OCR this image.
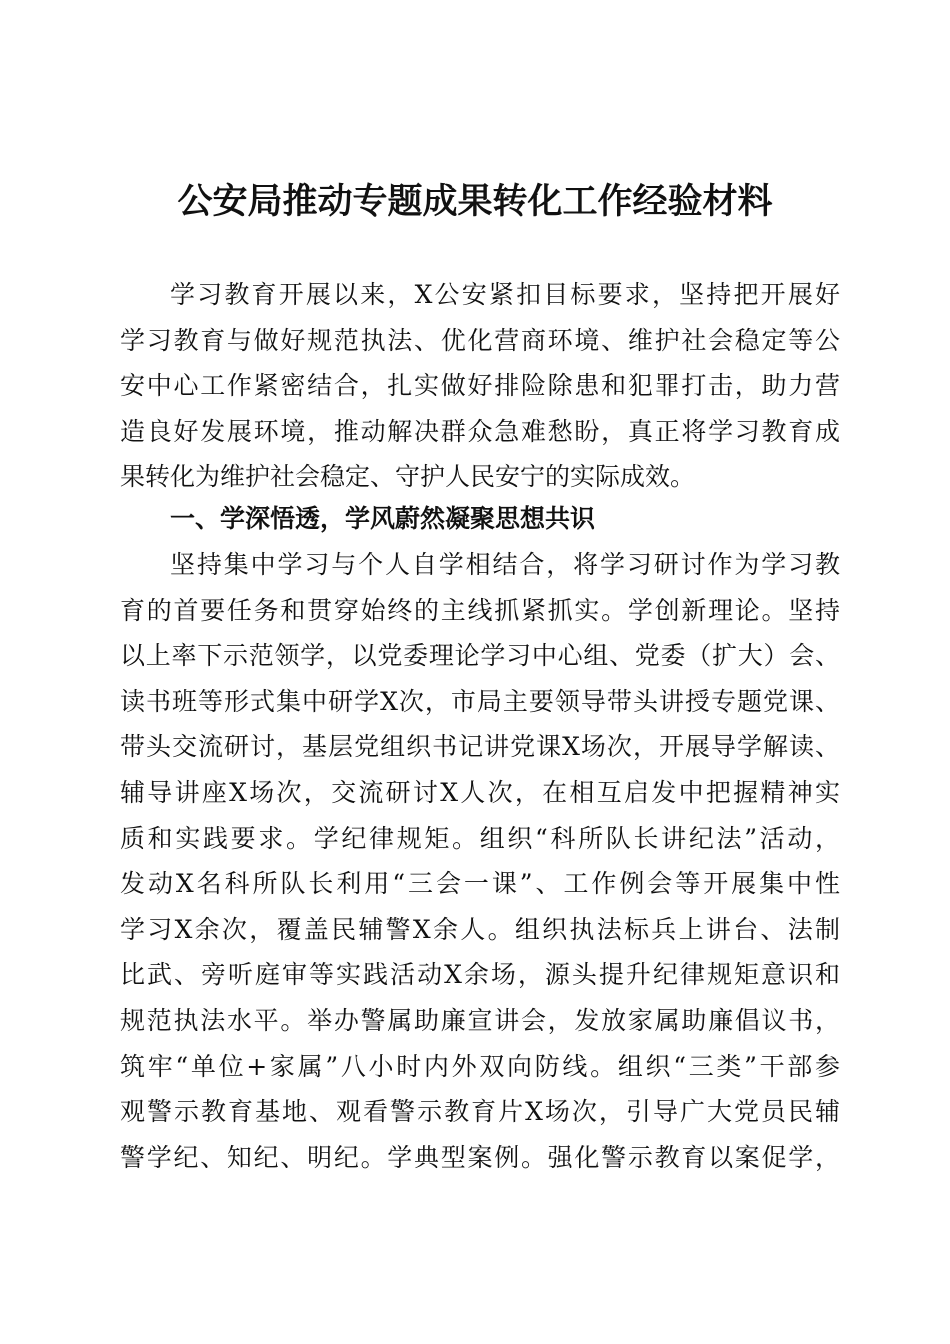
公安局推动专题成果转化工作经验材料
学习教育开展以来，X公安紧扣目标要求，坚持把开展好
学习教育与做好规范执法、优化营商环境、维护社会稳定等公
安中心工作紧密结合，扎实做好排险除患和犯罪打击，助力营
造良好发展环境，推动解决群众急难愁盼，真正将学习教育成
果转化为维护社会稳定、守护人民安宁的实际成效。
一、学深悟透，学风蔚然凝聚思想共识
坚持集中学习与个人自学相结合，将学习研讨作为学习教
育的首要任务和贯穿始终的主线抓紧抓实。学创新理论。坚持
以上率下示范领学，以党委理论学习中心组、党委（扩大）会、
读书班等形式集中研学X次，市局主要领导带头讲授专题党课、
带头交流研讨，基层党组织书记讲党课X场次，开展导学解读、
辅导讲座X场次，交流研讨X人次，在相互启发中把握精神实
质和实践要求。学纪律规矩。组织“科所队长讲纪法”活动，
发动X名科所队长利用“三会一课”、工作例会等开展集中性
学习X余次，覆盖民辅警X余人。组织执法标兵上讲台、法制
比武、旁听庭审等实践活动X余场，源头提升纪律规矩意识和
规范执法水平。举办警属助廉宣讲会，发放家属助廉倡议书，
筑牢“单位+家属”八小时内外双向防线。组织“三类”干部参
观警示教育基地、观看警示教育片X场次，引导广大党员民辅
警学纪、知纪、明纪。学典型案例。强化警示教育以案促学，
